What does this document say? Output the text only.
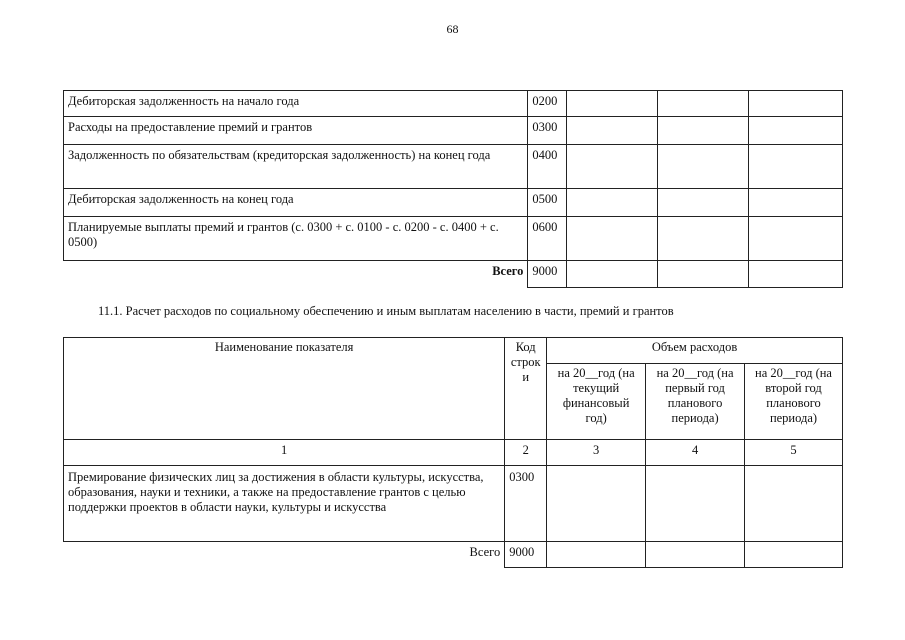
68
Дебиторская задолженность на начало года	0200			
Расходы на предоставление премий и грантов	0300			
Задолженность по обязательствам (кредиторская задолженность) на конец года	0400			
Дебиторская задолженность на конец года	0500			
Планируемые выплаты премий и грантов (с. 0300 + с. 0100 - с. 0200 - с. 0400 + с. 0500)	0600			
Всего	9000			
11.1. Расчет расходов по социальному обеспечению и иным выплатам населению в части, премий и грантов
Наименование показателя	Код строк и	Объем расходов		
		на 20__год (на текущий финансовый год)	на 20__год (на первый год планового периода)	на 20__год (на второй год планового периода)
1	2	3	4	5
Премирование физических лиц за достижения в области культуры, искусства, образования, науки и техники, а также на предоставление грантов с целью поддержки проектов в области науки, культуры и искусства	0300			
Всего	9000			
